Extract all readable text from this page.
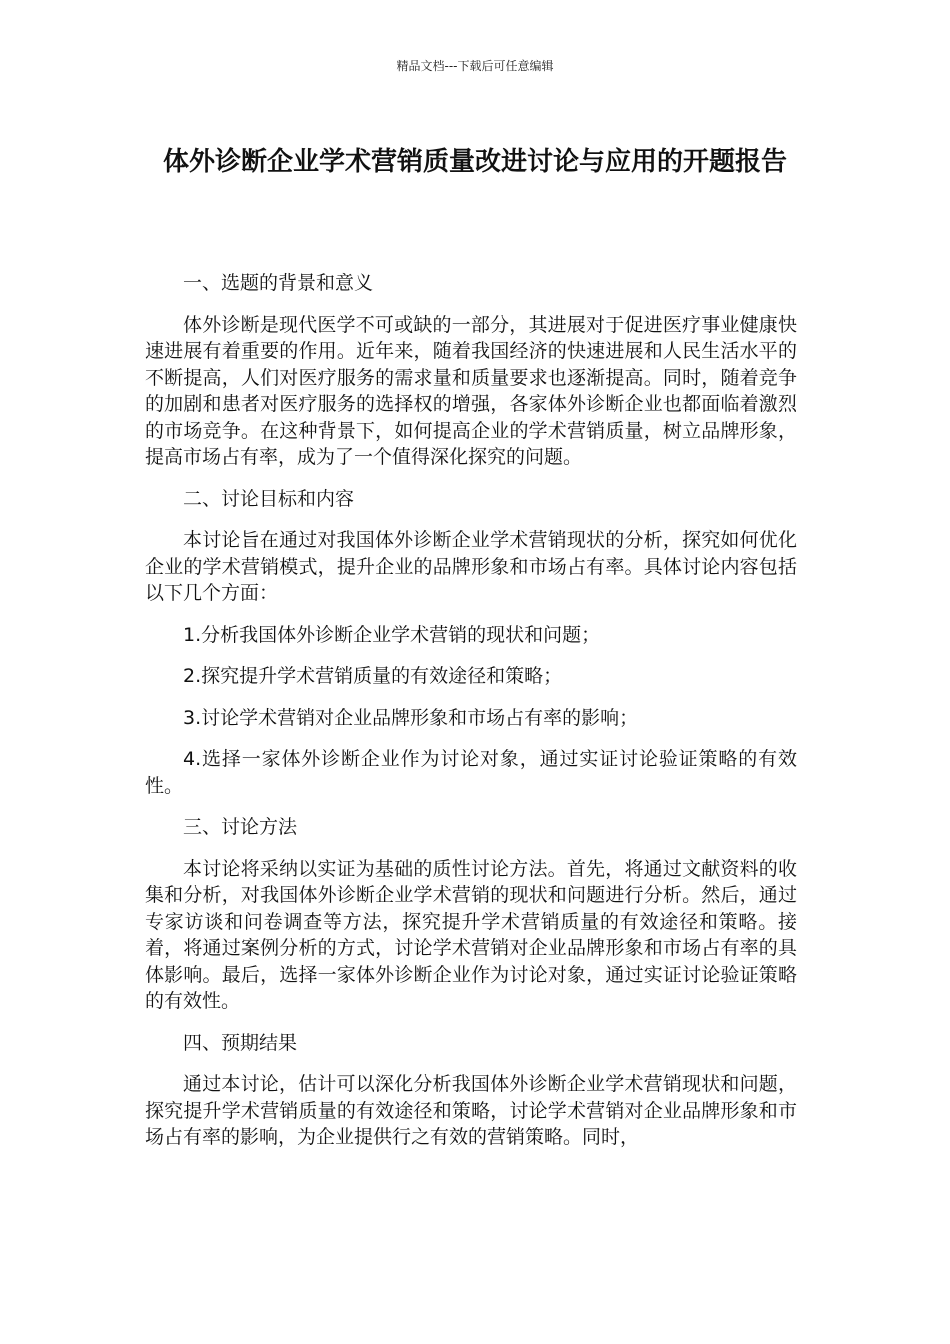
精品文档---下载后可任意编辑
体外诊断企业学术营销质量改进讨论与应用的开题报告

一、选题的背景和意义

体外诊断是现代医学不可或缺的一部分，其进展对于促进医疗事业健康快速进展有着重要的作用。近年来，随着我国经济的快速进展和人民生活水平的不断提高，人们对医疗服务的需求量和质量要求也逐渐提高。同时，随着竞争的加剧和患者对医疗服务的选择权的增强，各家体外诊断企业也都面临着激烈的市场竞争。在这种背景下，如何提高企业的学术营销质量，树立品牌形象，提高市场占有率，成为了一个值得深化探究的问题。

二、讨论目标和内容

本讨论旨在通过对我国体外诊断企业学术营销现状的分析，探究如何优化企业的学术营销模式，提升企业的品牌形象和市场占有率。具体讨论内容包括以下几个方面：

1.分析我国体外诊断企业学术营销的现状和问题；

2.探究提升学术营销质量的有效途径和策略；

3.讨论学术营销对企业品牌形象和市场占有率的影响；

4.选择一家体外诊断企业作为讨论对象，通过实证讨论验证策略的有效性。

三、讨论方法

本讨论将采纳以实证为基础的质性讨论方法。首先，将通过文献资料的收集和分析，对我国体外诊断企业学术营销的现状和问题进行分析。然后，通过专家访谈和问卷调查等方法，探究提升学术营销质量的有效途径和策略。接着，将通过案例分析的方式，讨论学术营销对企业品牌形象和市场占有率的具体影响。最后，选择一家体外诊断企业作为讨论对象，通过实证讨论验证策略的有效性。

四、预期结果

通过本讨论，估计可以深化分析我国体外诊断企业学术营销现状和问题，探究提升学术营销质量的有效途径和策略，讨论学术营销对企业品牌形象和市场占有率的影响，为企业提供行之有效的营销策略。同时，
